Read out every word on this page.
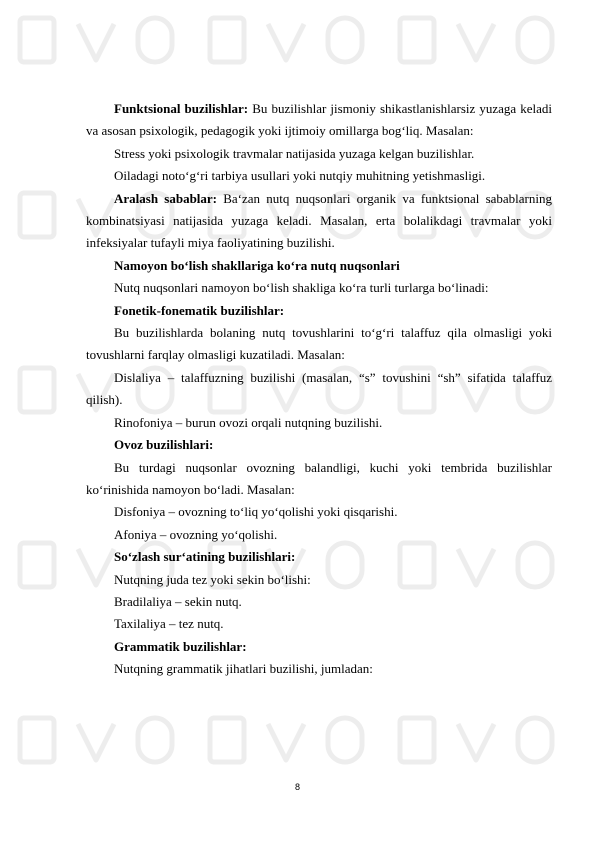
Funktsional buzilishlar: Bu buzilishlar jismoniy shikastlanishlarsiz yuzaga keladi va asosan psixologik, pedagogik yoki ijtimoiy omillarga bog‘liq. Masalan:

Stress yoki psixologik travmalar natijasida yuzaga kelgan buzilishlar.

Oiladagi noto‘g‘ri tarbiya usullari yoki nutqiy muhitning yetishmasligi.

Aralash sabablar: Ba‘zan nutq nuqsonlari organik va funktsional sabablarning kombinatsiyasi natijasida yuzaga keladi. Masalan, erta bolalikdagi travmalar yoki infeksiyalar tufayli miya faoliyatining buzilishi.

Namoyon bo‘lish shakllariga ko‘ra nutq nuqsonlari

Nutq nuqsonlari namoyon bo‘lish shakliga ko‘ra turli turlarga bo‘linadi:

Fonetik-fonematik buzilishlar:

Bu buzilishlarda bolaning nutq tovushlarini to‘g‘ri talaffuz qila olmasligi yoki tovushlarni farqlay olmasligi kuzatiladi. Masalan:

Dislaliya – talaffuzning buzilishi (masalan, “s” tovushini “sh” sifatida talaffuz qilish).

Rinofoniya – burun ovozi orqali nutqning buzilishi.

Ovoz buzilishlari:

Bu turdagi nuqsonlar ovozning balandligi, kuchi yoki tembrida buzilishlar ko‘rinishida namoyon bo‘ladi. Masalan:

Disfoniya – ovozning to‘liq yo‘qolishi yoki qisqarishi.

Afoniya – ovozning yo‘qolishi.

So‘zlash sur‘atining buzilishlari:

Nutqning juda tez yoki sekin bo‘lishi:

Bradilaliya – sekin nutq.

Taxilaliya – tez nutq.

Grammatik buzilishlar:

Nutqning grammatik jihatlari buzilishi, jumladan:

8
